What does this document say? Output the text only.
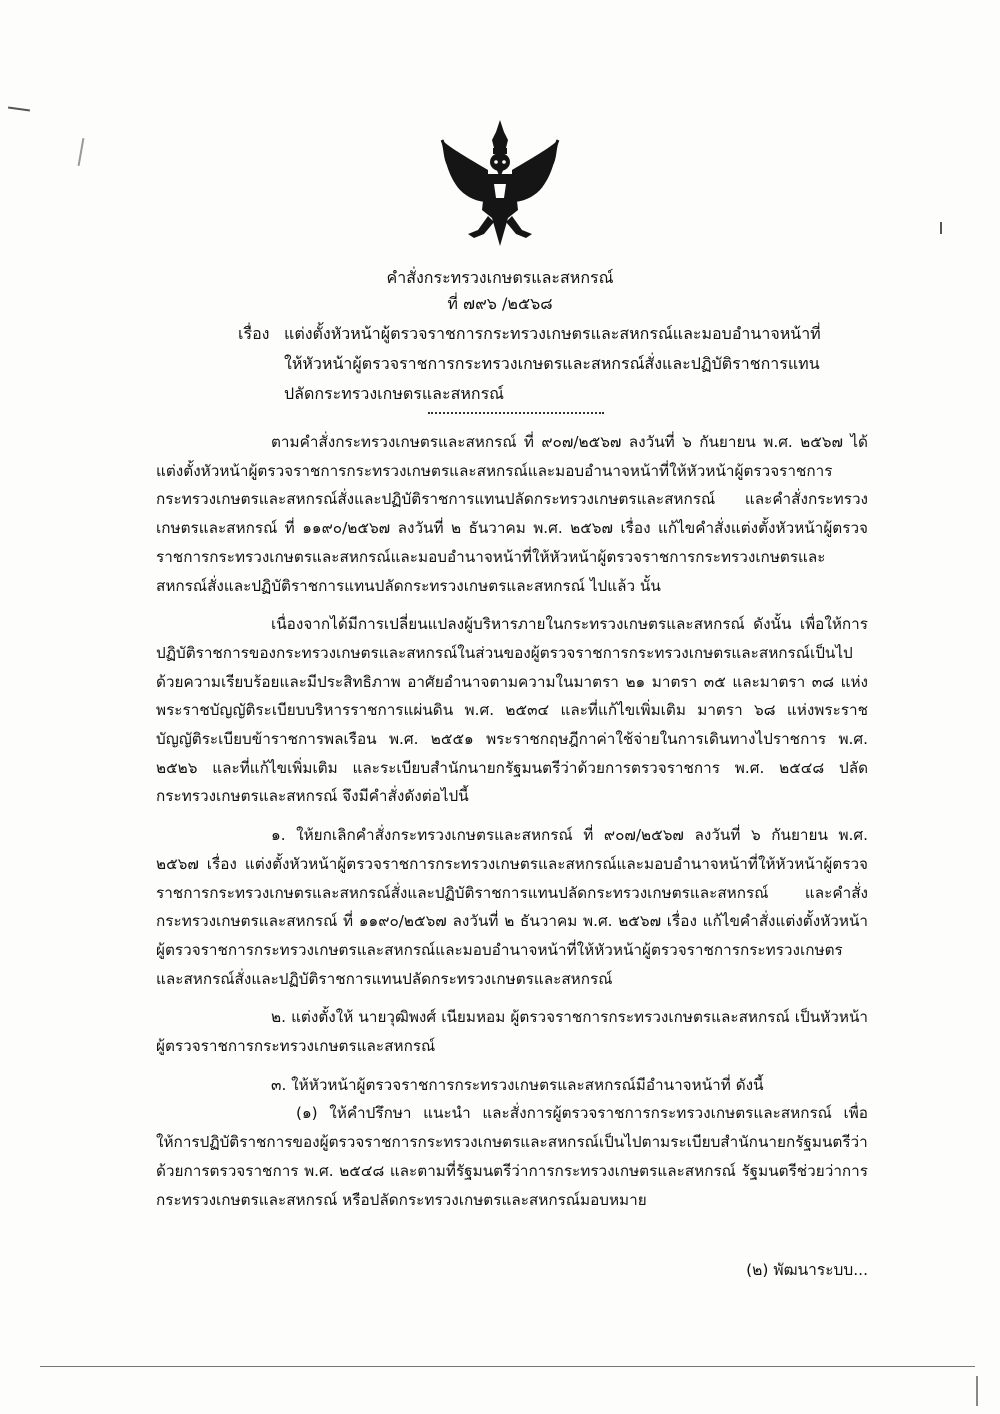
คำสั่งกระทรวงเกษตรและสหกรณ์
ที่ ๗๙๖ /๒๕๖๘
เรื่อง แต่งตั้งหัวหน้าผู้ตรวจราชการกระทรวงเกษตรและสหกรณ์และมอบอำนาจหน้าที่
ให้หัวหน้าผู้ตรวจราชการกระทรวงเกษตรและสหกรณ์สั่งและปฏิบัติราชการแทน
ปลัดกระทรวงเกษตรและสหกรณ์

ตามคำสั่งกระทรวงเกษตรและสหกรณ์ ที่ ๙๐๗/๒๕๖๗ ลงวันที่ ๖ กันยายน พ.ศ. ๒๕๖๗ ได้แต่งตั้งหัวหน้าผู้ตรวจราชการกระทรวงเกษตรและสหกรณ์และมอบอำนาจหน้าที่ให้หัวหน้าผู้ตรวจราชการกระทรวงเกษตรและสหกรณ์สั่งและปฏิบัติราชการแทนปลัดกระทรวงเกษตรและสหกรณ์ และคำสั่งกระทรวงเกษตรและสหกรณ์ ที่ ๑๑๙๐/๒๕๖๗ ลงวันที่ ๒ ธันวาคม พ.ศ. ๒๕๖๗ เรื่อง แก้ไขคำสั่งแต่งตั้งหัวหน้าผู้ตรวจราชการกระทรวงเกษตรและสหกรณ์และมอบอำนาจหน้าที่ให้หัวหน้าผู้ตรวจราชการกระทรวงเกษตรและสหกรณ์สั่งและปฏิบัติราชการแทนปลัดกระทรวงเกษตรและสหกรณ์ ไปแล้ว นั้น

เนื่องจากได้มีการเปลี่ยนแปลงผู้บริหารภายในกระทรวงเกษตรและสหกรณ์ ดังนั้น เพื่อให้การปฏิบัติราชการของกระทรวงเกษตรและสหกรณ์ในส่วนของผู้ตรวจราชการกระทรวงเกษตรและสหกรณ์เป็นไปด้วยความเรียบร้อยและมีประสิทธิภาพ อาศัยอำนาจตามความในมาตรา ๒๑ มาตรา ๓๕ และมาตรา ๓๘ แห่งพระราชบัญญัติระเบียบบริหารราชการแผ่นดิน พ.ศ. ๒๕๓๔ และที่แก้ไขเพิ่มเติม มาตรา ๖๘ แห่งพระราชบัญญัติระเบียบข้าราชการพลเรือน พ.ศ. ๒๕๕๑ พระราชกฤษฎีกาค่าใช้จ่ายในการเดินทางไปราชการ พ.ศ. ๒๕๒๖ และที่แก้ไขเพิ่มเติม และระเบียบสำนักนายกรัฐมนตรีว่าด้วยการตรวจราชการ พ.ศ. ๒๕๔๘ ปลัดกระทรวงเกษตรและสหกรณ์ จึงมีคำสั่งดังต่อไปนี้

๑. ให้ยกเลิกคำสั่งกระทรวงเกษตรและสหกรณ์ ที่ ๙๐๗/๒๕๖๗ ลงวันที่ ๖ กันยายน พ.ศ. ๒๕๖๗ เรื่อง แต่งตั้งหัวหน้าผู้ตรวจราชการกระทรวงเกษตรและสหกรณ์และมอบอำนาจหน้าที่ให้หัวหน้าผู้ตรวจราชการกระทรวงเกษตรและสหกรณ์สั่งและปฏิบัติราชการแทนปลัดกระทรวงเกษตรและสหกรณ์ และคำสั่งกระทรวงเกษตรและสหกรณ์ ที่ ๑๑๙๐/๒๕๖๗ ลงวันที่ ๒ ธันวาคม พ.ศ. ๒๕๖๗ เรื่อง แก้ไขคำสั่งแต่งตั้งหัวหน้าผู้ตรวจราชการกระทรวงเกษตรและสหกรณ์และมอบอำนาจหน้าที่ให้หัวหน้าผู้ตรวจราชการกระทรวงเกษตรและสหกรณ์สั่งและปฏิบัติราชการแทนปลัดกระทรวงเกษตรและสหกรณ์

๒. แต่งตั้งให้ นายวุฒิพงศ์ เนียมหอม ผู้ตรวจราชการกระทรวงเกษตรและสหกรณ์ เป็นหัวหน้าผู้ตรวจราชการกระทรวงเกษตรและสหกรณ์

๓. ให้หัวหน้าผู้ตรวจราชการกระทรวงเกษตรและสหกรณ์มีอำนาจหน้าที่ ดังนี้

(๑) ให้คำปรึกษา แนะนำ และสั่งการผู้ตรวจราชการกระทรวงเกษตรและสหกรณ์ เพื่อให้การปฏิบัติราชการของผู้ตรวจราชการกระทรวงเกษตรและสหกรณ์เป็นไปตามระเบียบสำนักนายกรัฐมนตรีว่าด้วยการตรวจราชการ พ.ศ. ๒๕๔๘ และตามที่รัฐมนตรีว่าการกระทรวงเกษตรและสหกรณ์ รัฐมนตรีช่วยว่าการกระทรวงเกษตรและสหกรณ์ หรือปลัดกระทรวงเกษตรและสหกรณ์มอบหมาย

(๒) พัฒนาระบบ...
